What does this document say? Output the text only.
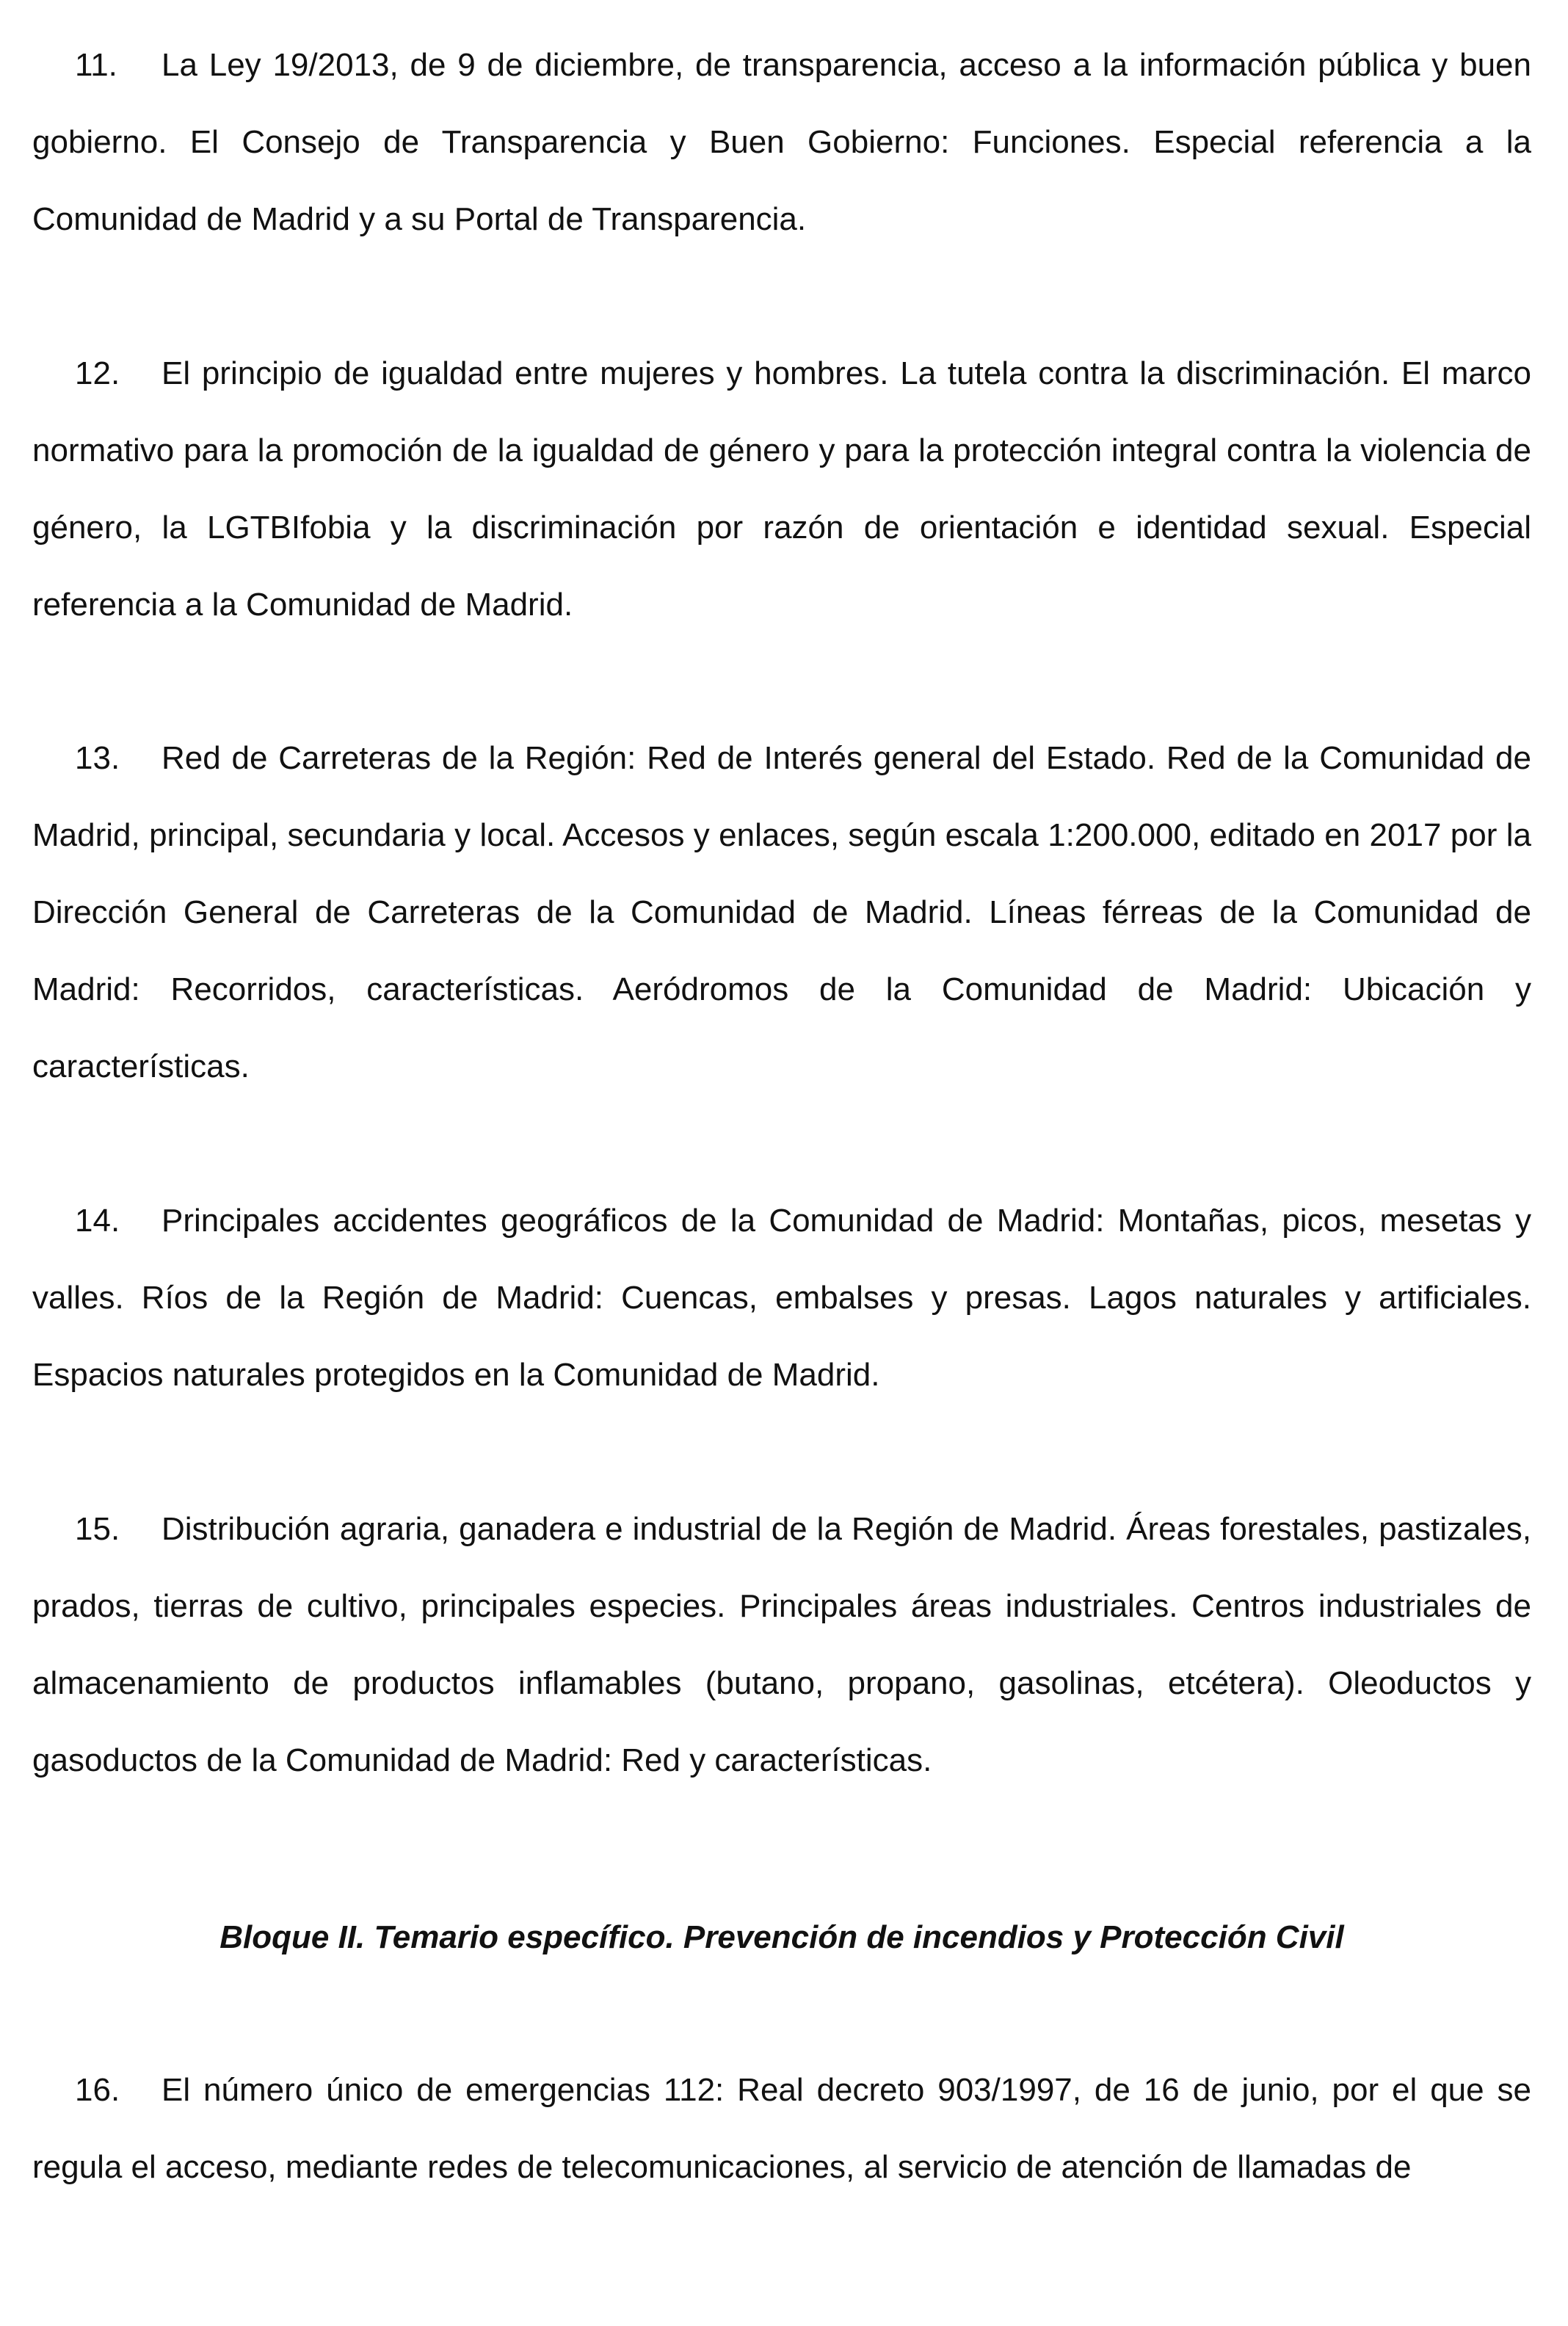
11. La Ley 19/2013, de 9 de diciembre, de transparencia, acceso a la información pública y buen gobierno. El Consejo de Transparencia y Buen Gobierno: Funciones. Especial referencia a la Comunidad de Madrid y a su Portal de Transparencia.

12. El principio de igualdad entre mujeres y hombres. La tutela contra la discriminación. El marco normativo para la promoción de la igualdad de género y para la protección integral contra la violencia de género, la LGTBIfobia y la discriminación por razón de orientación e identidad sexual. Especial referencia a la Comunidad de Madrid.

13. Red de Carreteras de la Región: Red de Interés general del Estado. Red de la Comunidad de Madrid, principal, secundaria y local. Accesos y enlaces, según escala 1:200.000, editado en 2017 por la Dirección General de Carreteras de la Comunidad de Madrid. Líneas férreas de la Comunidad de Madrid: Recorridos, características. Aeródromos de la Comunidad de Madrid: Ubicación y características.

14. Principales accidentes geográficos de la Comunidad de Madrid: Montañas, picos, mesetas y valles. Ríos de la Región de Madrid: Cuencas, embalses y presas. Lagos naturales y artificiales. Espacios naturales protegidos en la Comunidad de Madrid.

15. Distribución agraria, ganadera e industrial de la Región de Madrid. Áreas forestales, pastizales, prados, tierras de cultivo, principales especies. Principales áreas industriales. Centros industriales de almacenamiento de productos inflamables (butano, propano, gasolinas, etcétera). Oleoductos y gasoductos de la Comunidad de Madrid: Red y características.

Bloque II. Temario específico. Prevención de incendios y Protección Civil

16. El número único de emergencias 112: Real decreto 903/1997, de 16 de junio, por el que se regula el acceso, mediante redes de telecomunicaciones, al servicio de atención de llamadas de
